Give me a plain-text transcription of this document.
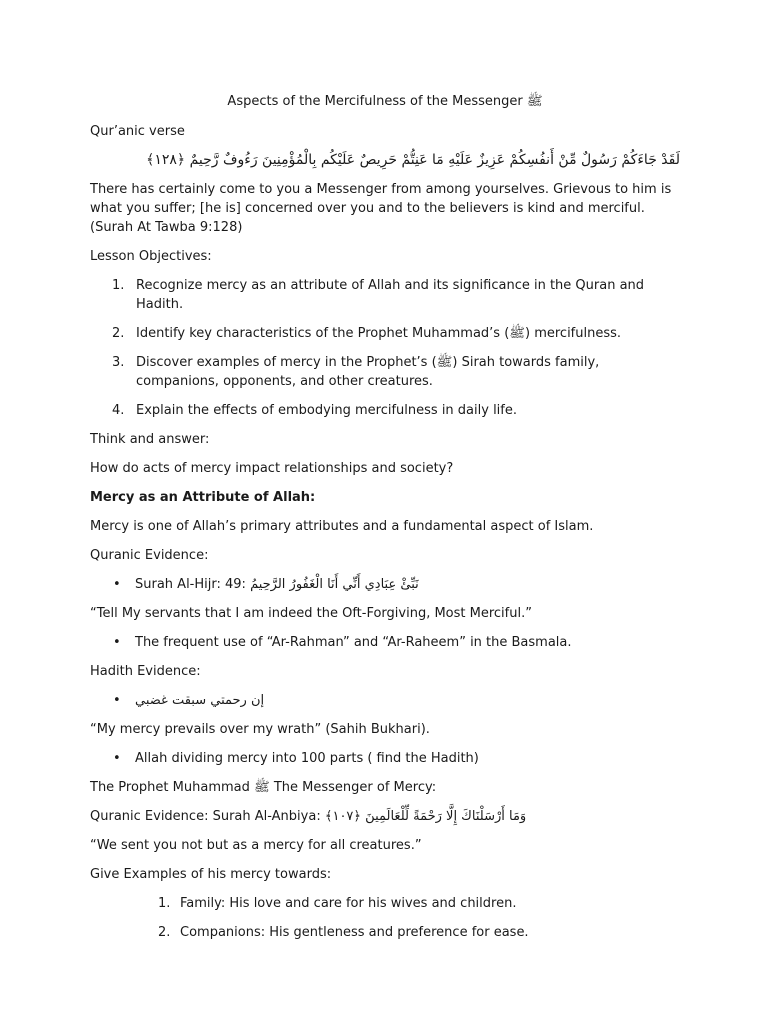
Aspects of the Mercifulness of the Messenger ﷺ

Qur’anic verse

لَقَدْ جَاءَكُمْ رَسُولٌ مِّنْ أَنفُسِكُمْ عَزِيزٌ عَلَيْهِ مَا عَنِتُّمْ حَرِيصٌ عَلَيْكُم بِالْمُؤْمِنِينَ رَءُوفٌ رَّحِيمٌ ﴿١٢٨﴾

There has certainly come to you a Messenger from among yourselves. Grievous to him is what you suffer; [he is] concerned over you and to the believers is kind and merciful. (Surah At Tawba 9:128)

Lesson Objectives:

1. Recognize mercy as an attribute of Allah and its significance in the Quran and Hadith.
2. Identify key characteristics of the Prophet Muhammad’s (ﷺ) mercifulness.
3. Discover examples of mercy in the Prophet’s (ﷺ) Sirah towards family, companions, opponents, and other creatures.
4. Explain the effects of embodying mercifulness in daily life.

Think and answer:

How do acts of mercy impact relationships and society?

Mercy as an Attribute of Allah:

Mercy is one of Allah’s primary attributes and a fundamental aspect of Islam.

Quranic Evidence:

• Surah Al-Hijr: 49: نَبِّئْ عِبَادِي أَنِّي أَنَا الْغَفُورُ الرَّحِيمُ

“Tell My servants that I am indeed the Oft-Forgiving, Most Merciful.”

• The frequent use of “Ar-Rahman” and “Ar-Raheem” in the Basmala.

Hadith Evidence:

• إن رحمتي سبقت غضبي

“My mercy prevails over my wrath” (Sahih Bukhari).

• Allah dividing mercy into 100 parts ( find the Hadith)

The Prophet Muhammad ﷺ The Messenger of Mercy:

Quranic Evidence: Surah Al-Anbiya: وَمَا أَرْسَلْنَاكَ إِلَّا رَحْمَةً لِّلْعَالَمِينَ ﴿١٠٧﴾

“We sent you not but as a mercy for all creatures.”

Give Examples of his mercy towards:

1. Family: His love and care for his wives and children.
2. Companions: His gentleness and preference for ease.
